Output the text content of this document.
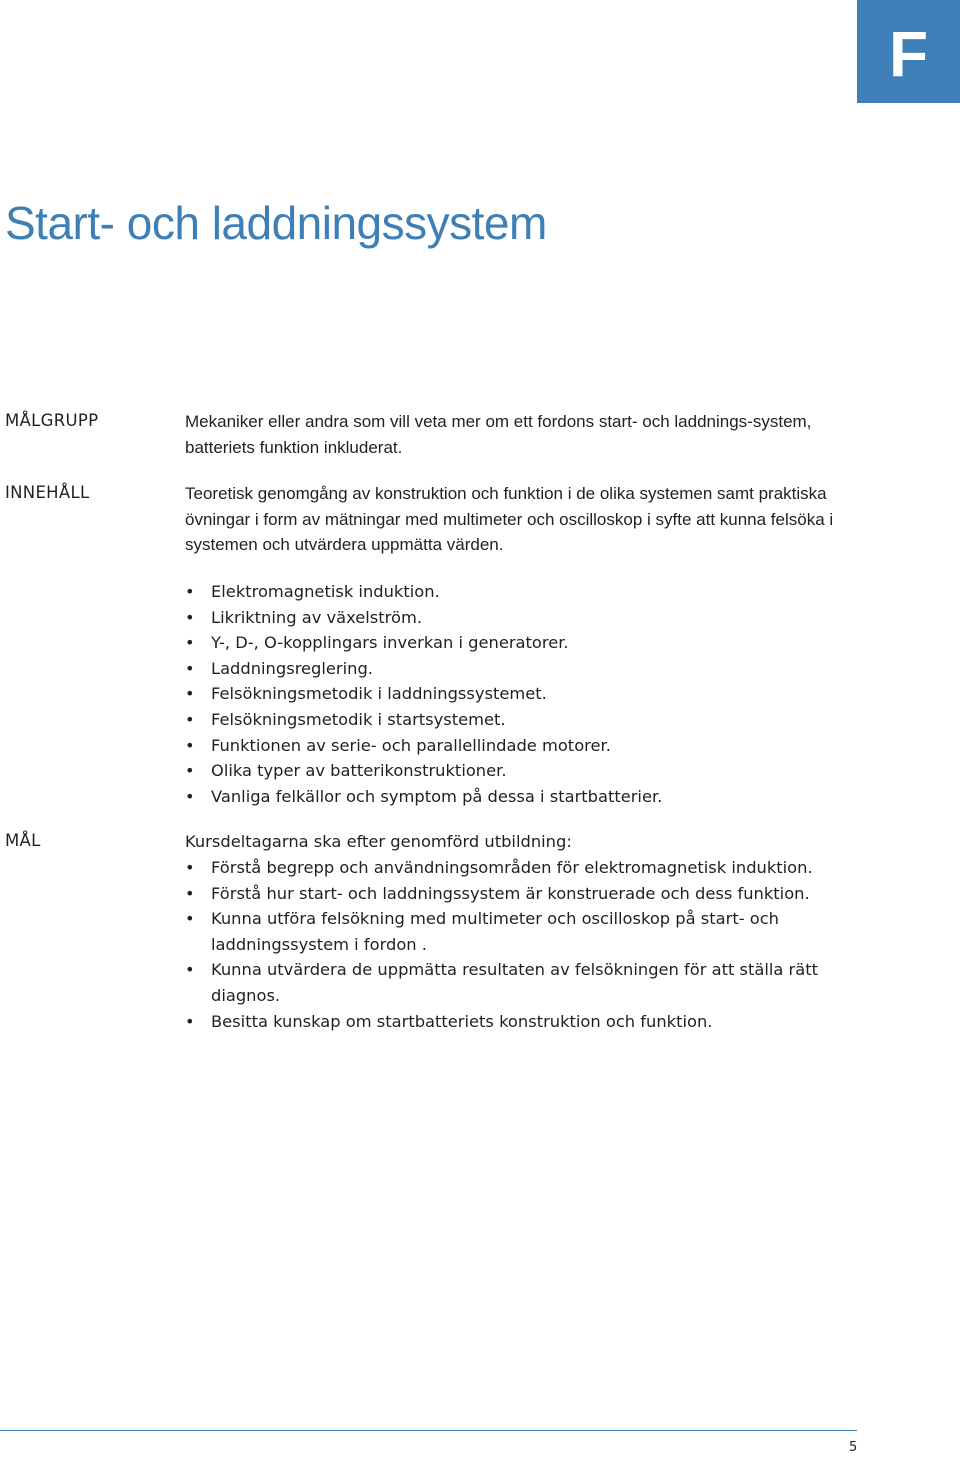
F
Start- och laddningssystem
MÅLGRUPP	Mekaniker eller andra som vill veta mer om ett fordons start- och laddnings-system, batteriets funktion inkluderat.

INNEHÅLL	Teoretisk genomgång av konstruktion och funktion i de olika systemen samt praktiska övningar i form av mätningar med multimeter och oscilloskop i syfte att kunna felsöka i systemen och utvärdera uppmätta värden.

• Elektromagnetisk induktion.
• Likriktning av växelström.
• Y-, D-, O-kopplingars inverkan i generatorer.
• Laddningsreglering.
• Felsökningsmetodik i laddningssystemet.
• Felsökningsmetodik i startsystemet.
• Funktionen av serie- och parallellindade motorer.
• Olika typer av batterikonstruktioner.
• Vanliga felkällor och symptom på dessa i startbatterier.
MÅL	Kursdeltagarna ska efter genomförd utbildning:

• Förstå begrepp och användningsområden för elektromagnetisk induktion.
• Förstå hur start- och laddningssystem är konstruerade och dess funktion.
• Kunna utföra felsökning med multimeter och oscilloskop på start- och laddningssystem i fordon .
• Kunna utvärdera de uppmätta resultaten av felsökningen för att ställa rätt diagnos.
• Besitta kunskap om startbatteriets konstruktion och funktion.
5
